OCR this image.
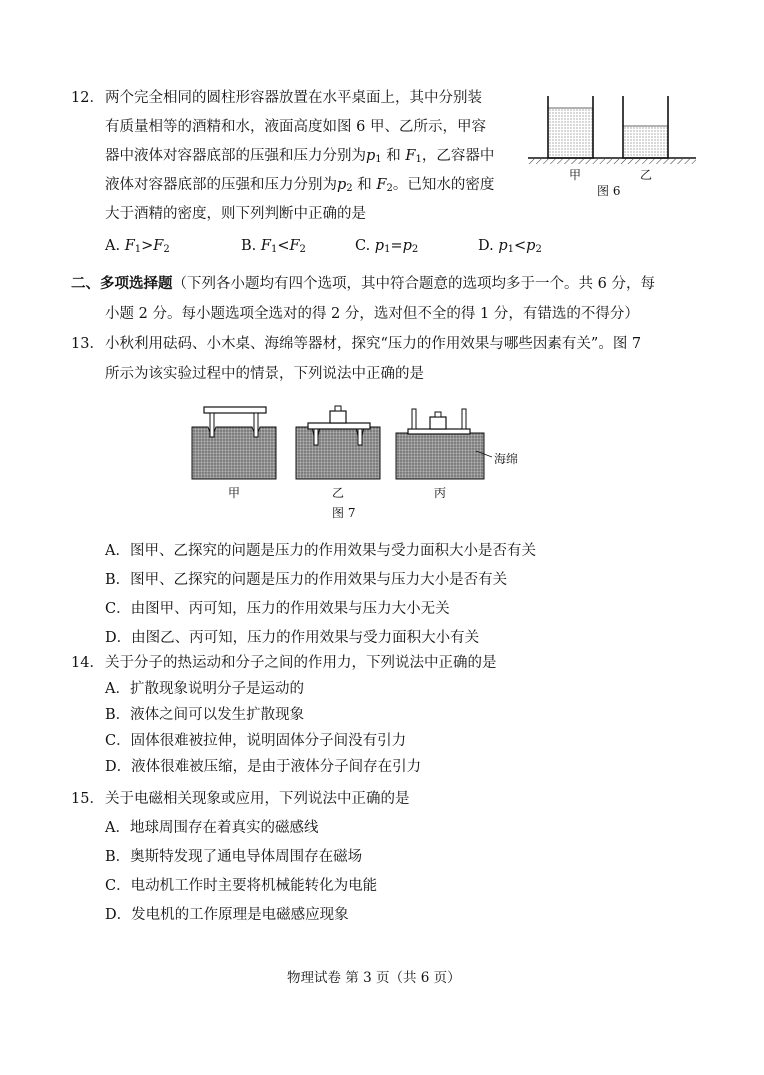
12． 两个完全相同的圆柱形容器放置在水平桌面上，其中分别装
有质量相等的酒精和水，液面高度如图 6 甲、乙所示，甲容
器中液体对容器底部的压强和压力分别为$p_1$ 和 $F_1$，乙容器中
液体对容器底部的压强和压力分别为$p_2$ 和 $F_2$。已知水的密度
大于酒精的密度，则下列判断中正确的是
A. $F_1>F_2$	B. $F_1<F_2$	C. $p_1=p_2$	D. $p_1<p_2$
甲	乙
图 6
二、多项选择题（下列各小题均有四个选项，其中符合题意的选项均多于一个。共 6 分，每
小题 2 分。每小题选项全选对的得 2 分，选对但不全的得 1 分，有错选的不得分）
13． 小秋利用砝码、小木桌、海绵等器材，探究“压力的作用效果与哪些因素有关”。图 7
所示为该实验过程中的情景，下列说法中正确的是
海绵
甲	乙	丙
图 7
A．图甲、乙探究的问题是压力的作用效果与受力面积大小是否有关
B．图甲、乙探究的问题是压力的作用效果与压力大小是否有关
C．由图甲、丙可知，压力的作用效果与压力大小无关
D．由图乙、丙可知，压力的作用效果与受力面积大小有关
14． 关于分子的热运动和分子之间的作用力，下列说法中正确的是
A．扩散现象说明分子是运动的
B．液体之间可以发生扩散现象
C．固体很难被拉伸，说明固体分子间没有引力
D．液体很难被压缩，是由于液体分子间存在引力
15． 关于电磁相关现象或应用，下列说法中正确的是
A．地球周围存在着真实的磁感线
B．奥斯特发现了通电导体周围存在磁场
C．电动机工作时主要将机械能转化为电能
D．发电机的工作原理是电磁感应现象
物理试卷 第 3 页（共 6 页）
